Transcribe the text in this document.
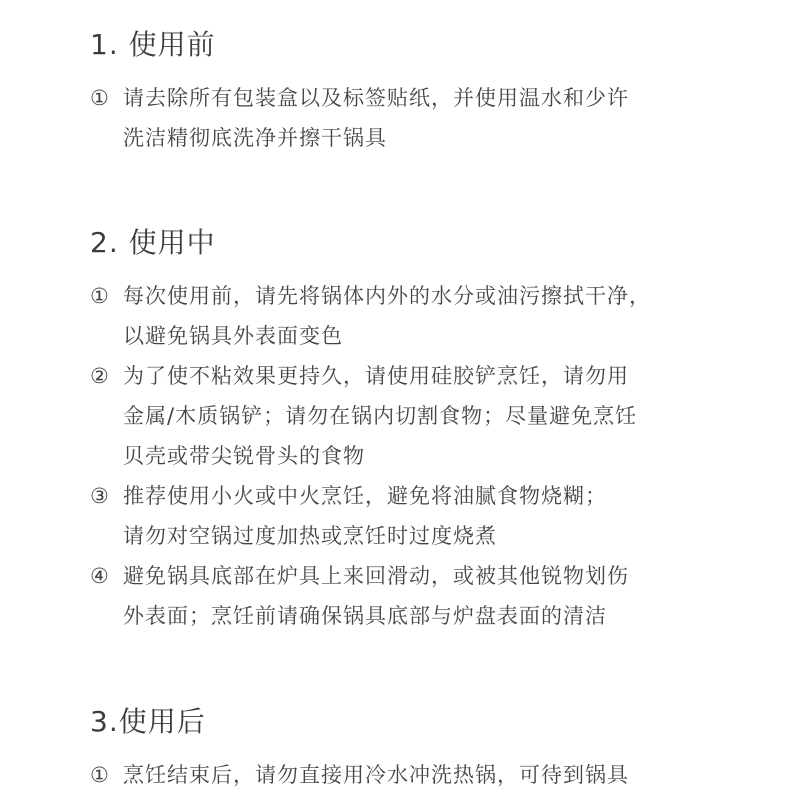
1. 使用前
① 请去除所有包装盒以及标签贴纸，并使用温水和少许
洗洁精彻底洗净并擦干锅具
2. 使用中
① 每次使用前，请先将锅体内外的水分或油污擦拭干净，
以避免锅具外表面变色
② 为了使不粘效果更持久，请使用硅胶铲烹饪，请勿用
金属/木质锅铲；请勿在锅内切割食物；尽量避免烹饪
贝壳或带尖锐骨头的食物
③ 推荐使用小火或中火烹饪，避免将油腻食物烧糊；
请勿对空锅过度加热或烹饪时过度烧煮
④ 避免锅具底部在炉具上来回滑动，或被其他锐物划伤
外表面；烹饪前请确保锅具底部与炉盘表面的清洁
3.使用后
① 烹饪结束后，请勿直接用冷水冲洗热锅，可待到锅具
